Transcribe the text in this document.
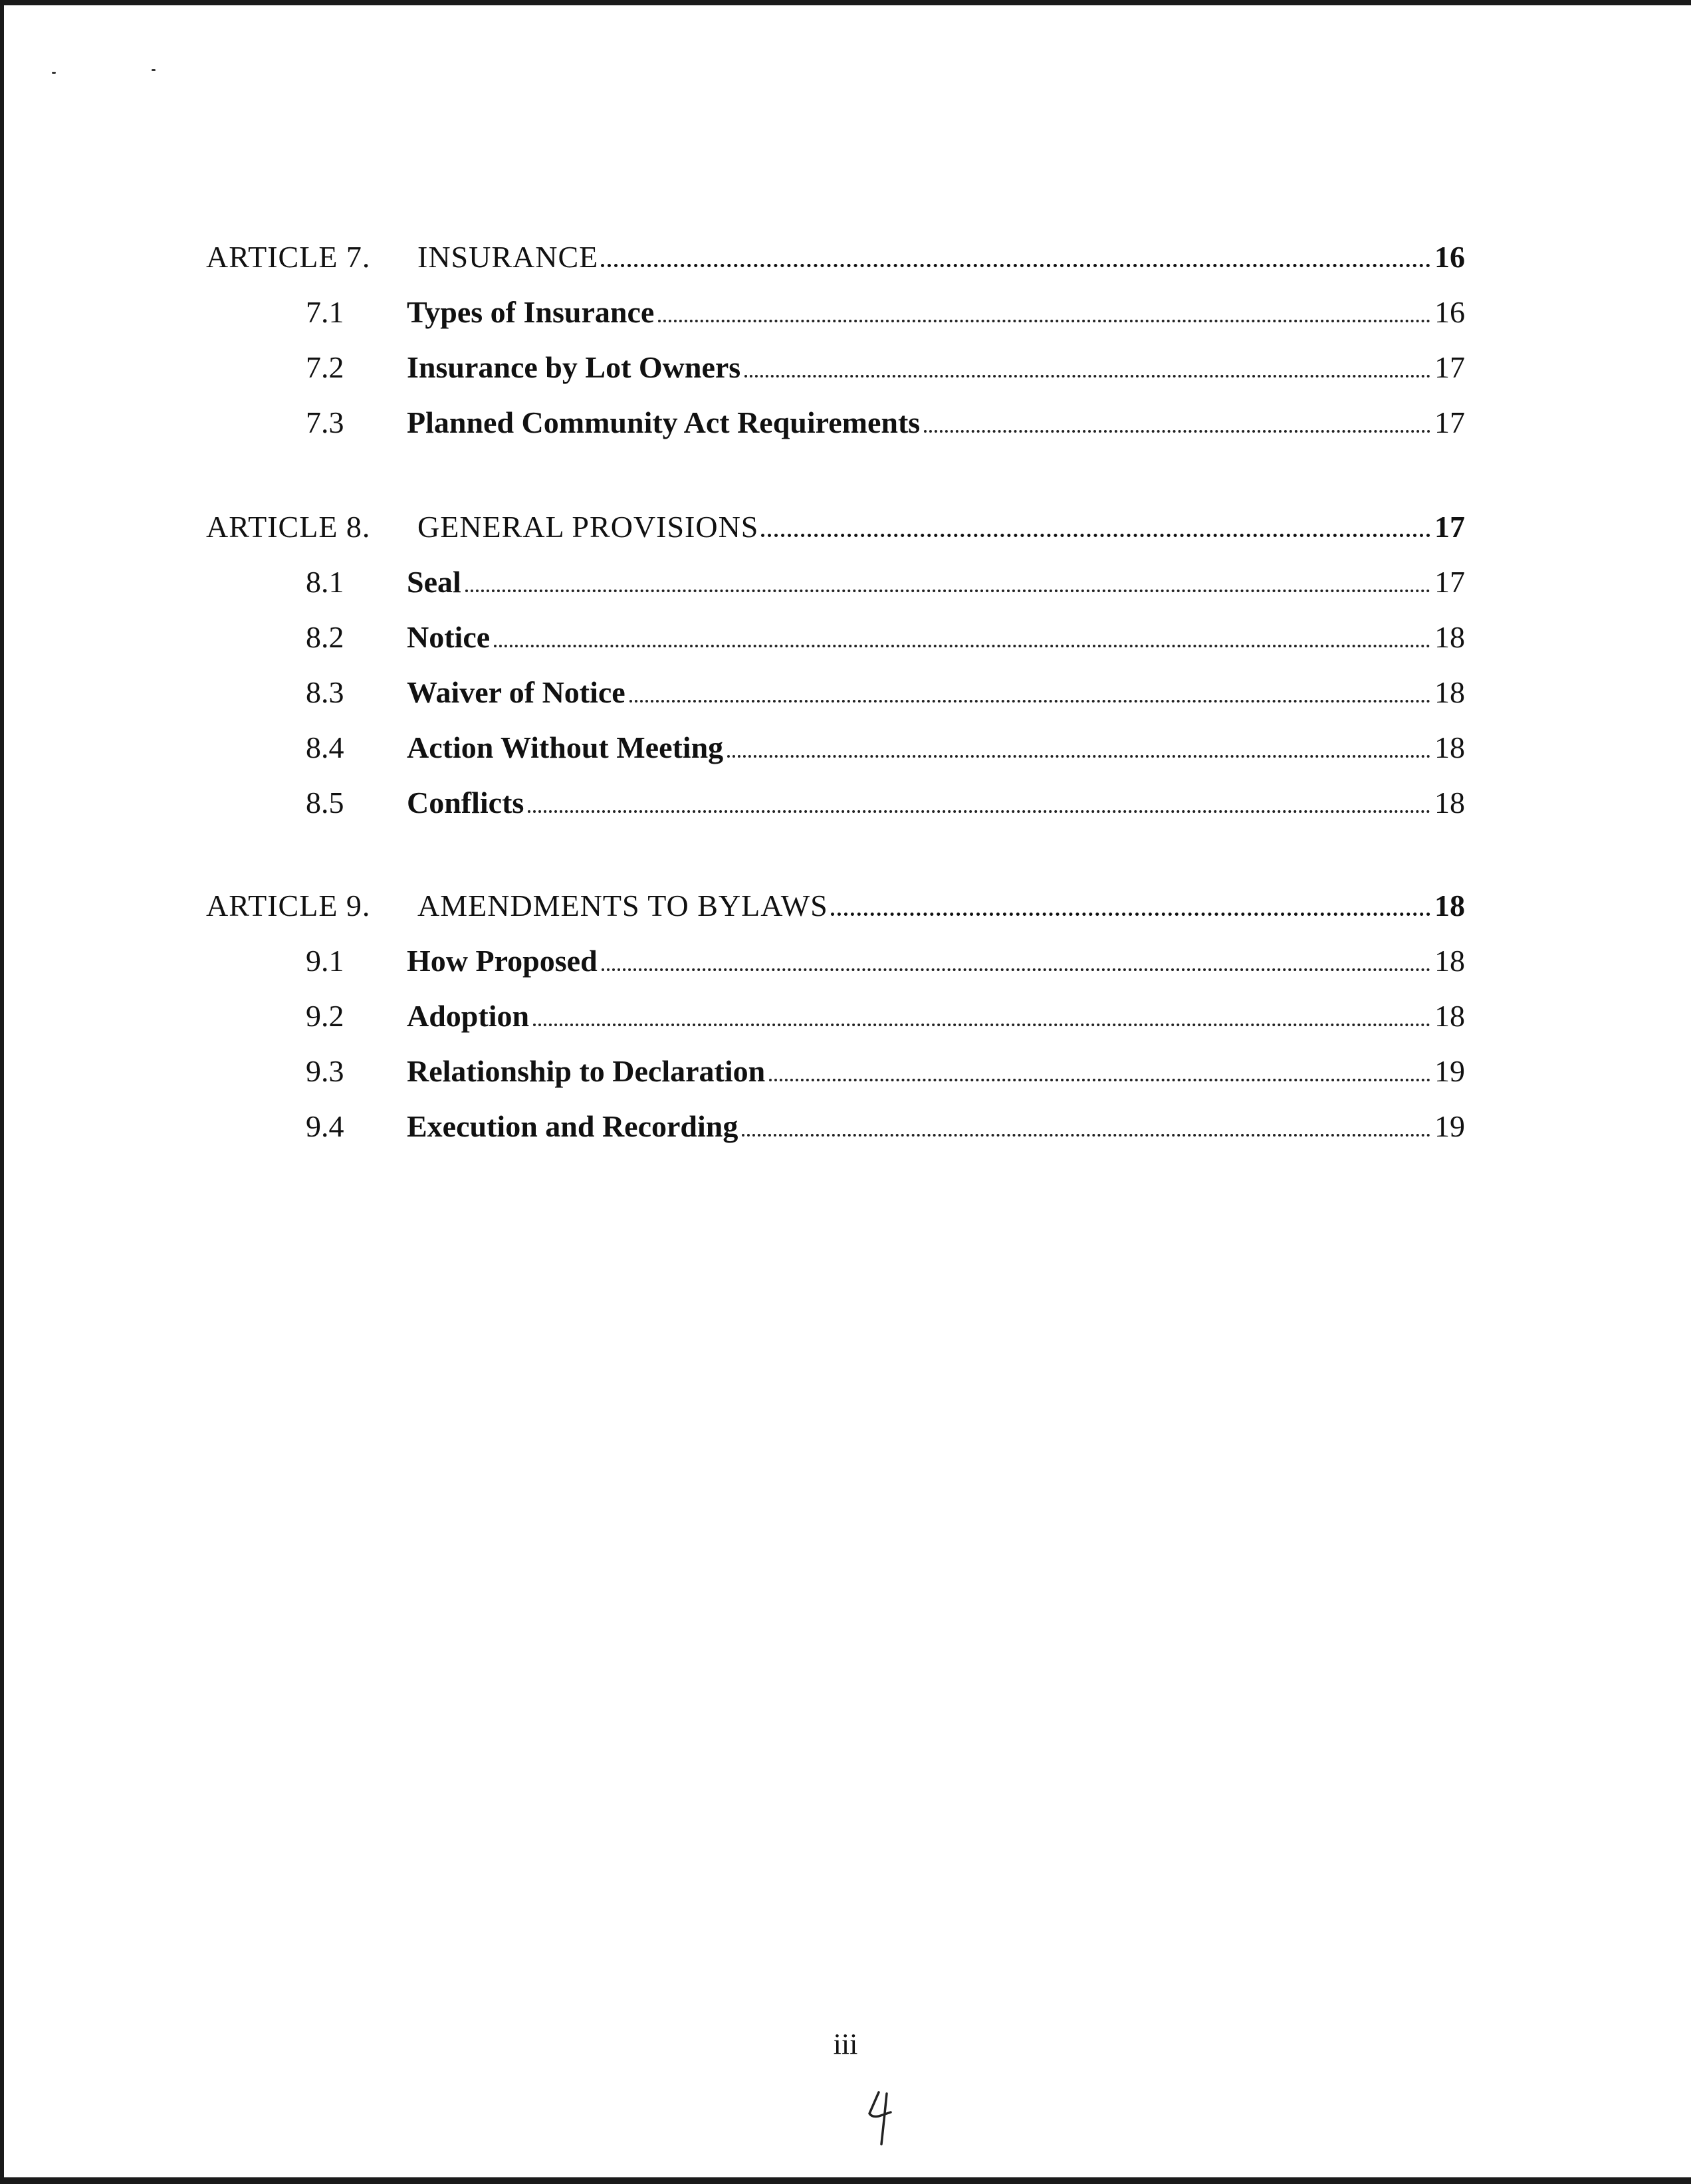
ARTICLE 7. INSURANCE	16
7.1 Types of Insurance	16
7.2 Insurance by Lot Owners	17
7.3 Planned Community Act Requirements	17
ARTICLE 8. GENERAL PROVISIONS	17
8.1 Seal	17
8.2 Notice	18
8.3 Waiver of Notice	18
8.4 Action Without Meeting	18
8.5 Conflicts	18
ARTICLE 9. AMENDMENTS TO BYLAWS	18
9.1 How Proposed	18
9.2 Adoption	18
9.3 Relationship to Declaration	19
9.4 Execution and Recording	19
iii
